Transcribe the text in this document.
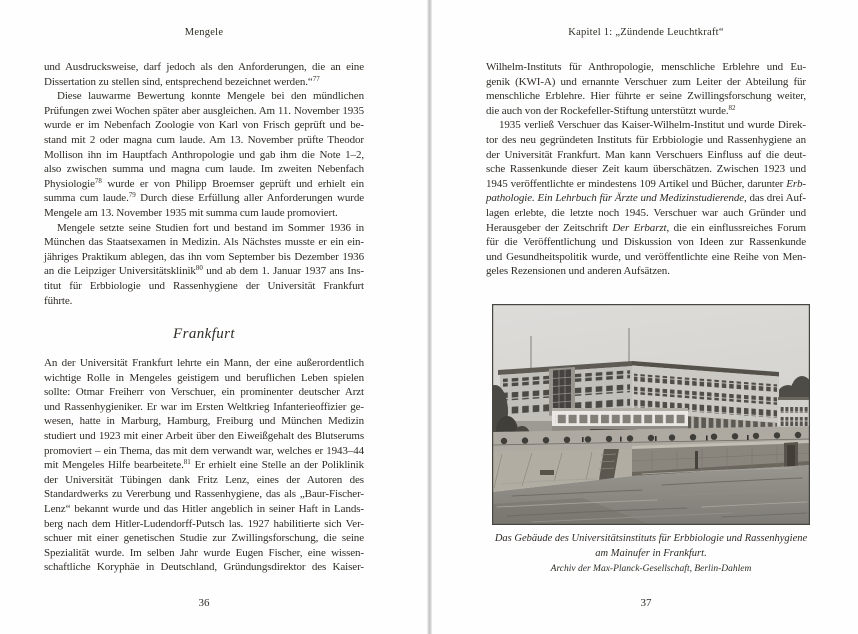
Mengele
und Ausdrucksweise, darf jedoch als den Anforderungen, die an eine
Dissertation zu stellen sind, entsprechend bezeichnet werden.“$^{77}$
Diese lauwarme Bewertung konnte Mengele bei den mündlichen
Prüfungen zwei Wochen später aber ausgleichen. Am 11. November 1935
wurde er im Nebenfach Zoologie von Karl von Frisch geprüft und be-
stand mit 2 oder magna cum laude. Am 13. November prüfte Theodor
Mollison ihn im Hauptfach Anthropologie und gab ihm die Note 1–2,
also zwischen summa und magna cum laude. Im zweiten Nebenfach
Physiologie$^{78}$ wurde er von Philipp Broemser geprüft und erhielt ein
summa cum laude.$^{79}$ Durch diese Erfüllung aller Anforderungen wurde
Mengele am 13. November 1935 mit summa cum laude promoviert.
Mengele setzte seine Studien fort und bestand im Sommer 1936 in
München das Staatsexamen in Medizin. Als Nächstes musste er ein ein-
jähriges Praktikum ablegen, das ihn vom September bis Dezember 1936
an die Leipziger Universitätsklinik$^{80}$ und ab dem 1. Januar 1937 ans Ins-
titut für Erbbiologie und Rassenhygiene der Universität Frankfurt
führte.
Frankfurt
An der Universität Frankfurt lehrte ein Mann, der eine außerordentlich
wichtige Rolle in Mengeles geistigem und beruflichen Leben spielen
sollte: Otmar Freiherr von Verschuer, ein prominenter deutscher Arzt
und Rassenhygieniker. Er war im Ersten Weltkrieg Infanterieoffizier ge-
wesen, hatte in Marburg, Hamburg, Freiburg und München Medizin
studiert und 1923 mit einer Arbeit über den Eiweißgehalt des Blutserums
promoviert – ein Thema, das mit dem verwandt war, welches er 1943–44
mit Mengeles Hilfe bearbeitete.$^{81}$ Er erhielt eine Stelle an der Poliklinik
der Universität Tübingen dank Fritz Lenz, eines der Autoren des
Standardwerks zu Vererbung und Rassenhygiene, das als „Baur-Fischer-
Lenz“ bekannt wurde und das Hitler angeblich in seiner Haft in Lands-
berg nach dem Hitler-Ludendorff-Putsch las. 1927 habilitierte sich Ver-
schuer mit einer genetischen Studie zur Zwillingsforschung, die seine
Spezialität wurde. Im selben Jahr wurde Eugen Fischer, eine wissen-
schaftliche Koryphäe in Deutschland, Gründungsdirektor des Kaiser-
36
Kapitel 1: „Zündende Leuchtkraft“
Wilhelm-Instituts für Anthropologie, menschliche Erblehre und Eu-
genik (KWI-A) und ernannte Verschuer zum Leiter der Abteilung für
menschliche Erblehre. Hier führte er seine Zwillingsforschung weiter,
die auch von der Rockefeller-Stiftung unterstützt wurde.$^{82}$
1935 verließ Verschuer das Kaiser-Wilhelm-Institut und wurde Direk-
tor des neu gegründeten Instituts für Erbbiologie und Rassenhygiene an
der Universität Frankfurt. Man kann Verschuers Einfluss auf die deut-
sche Rassenkunde dieser Zeit kaum überschätzen. Zwischen 1923 und
1945 veröffentlichte er mindestens 109 Artikel und Bücher, darunter Erb-
pathologie. Ein Lehrbuch für Ärzte und Medizinstudierende, das drei Auf-
lagen erlebte, die letzte noch 1945. Verschuer war auch Gründer und
Herausgeber der Zeitschrift Der Erbarzt, die ein einflussreiches Forum
für die Veröffentlichung und Diskussion von Ideen zur Rassenkunde
und Gesundheitspolitik wurde, und veröffentlichte eine Reihe von Men-
geles Rezensionen und anderen Aufsätzen.
Das Gebäude des Universitätsinstituts für Erbbiologie und Rassenhygiene
am Mainufer in Frankfurt.
Archiv der Max-Planck-Gesellschaft, Berlin-Dahlem
37
